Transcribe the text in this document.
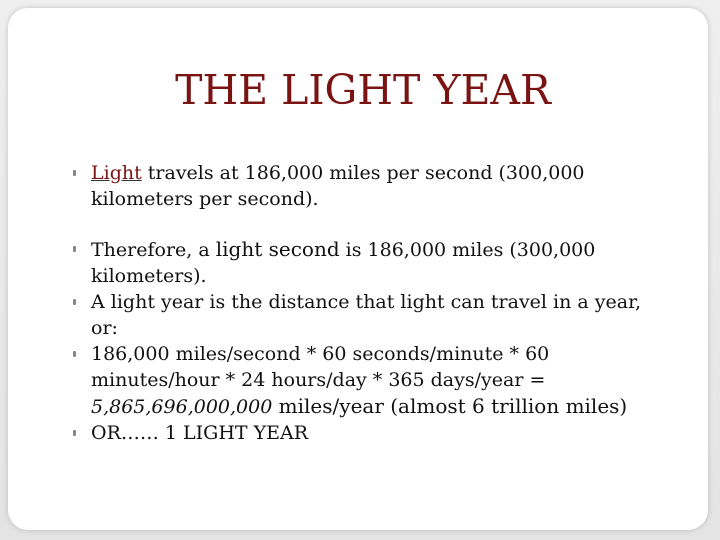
THE LIGHT YEAR
Light travels at 186,000 miles per second (300,000 kilometers per second).
Therefore, a light second is 186,000 miles (300,000 kilometers).
A light year is the distance that light can travel in a year, or:
186,000 miles/second * 60 seconds/minute * 60 minutes/hour * 24 hours/day * 365 days/year = 5,865,696,000,000 miles/year (almost 6 trillion miles)
OR…… 1 LIGHT YEAR
